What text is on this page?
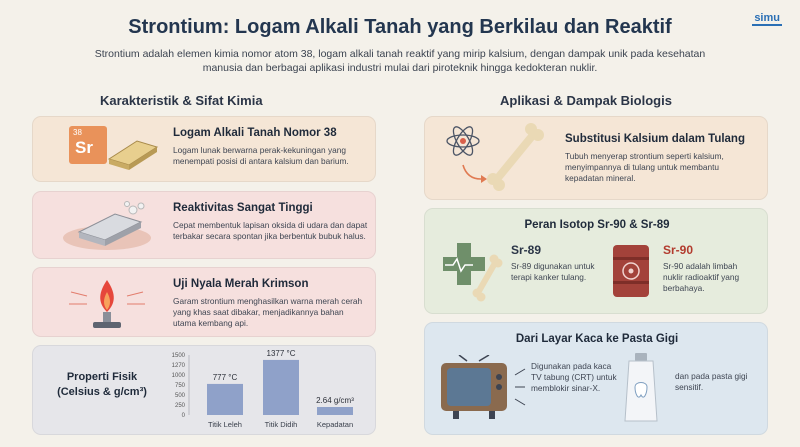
Strontium: Logam Alkali Tanah yang Berkilau dan Reaktif	simu
Strontium adalah elemen kimia nomor atom 38, logam alkali tanah reaktif yang mirip kalsium, dengan dampak unik pada kesehatan manusia dan berbagai aplikasi industri mulai dari piroteknik hingga kedokteran nuklir.
Karakteristik & Sifat Kimia	Aplikasi & Dampak Biologis
38
Sr
Logam Alkali Tanah Nomor 38

Logam lunak berwarna perak-kekuningan yang menempati posisi di antara kalsium dan barium.

Reaktivitas Sangat Tinggi

Cepat membentuk lapisan oksida di udara dan dapat terbakar secara spontan jika berbentuk bubuk halus.

Uji Nyala Merah Krimson

Garam strontium menghasilkan warna merah cerah yang khas saat dibakar, menjadikannya bahan utama kembang api.

Properti Fisik (Celsius & g/cm³)
1500
1270
1000
750
500
250
0
777 °C
Titik Leleh
1377 °C
Titik Didih
2.64 g/cm³
Kepadatan
Substitusi Kalsium dalam Tulang

Tubuh menyerap strontium seperti kalsium, menyimpannya di tulang untuk membantu kepadatan mineral.

Peran Isotop Sr-90 & Sr-89
Sr-89

Sr-89 digunakan untuk terapi kanker tulang.

Sr-90

Sr-90 adalah limbah nuklir radioaktif yang berbahaya.

Dari Layar Kaca ke Pasta Gigi

Digunakan pada kaca TV tabung (CRT) untuk memblokir sinar-X.

dan pada pasta gigi sensitif.
